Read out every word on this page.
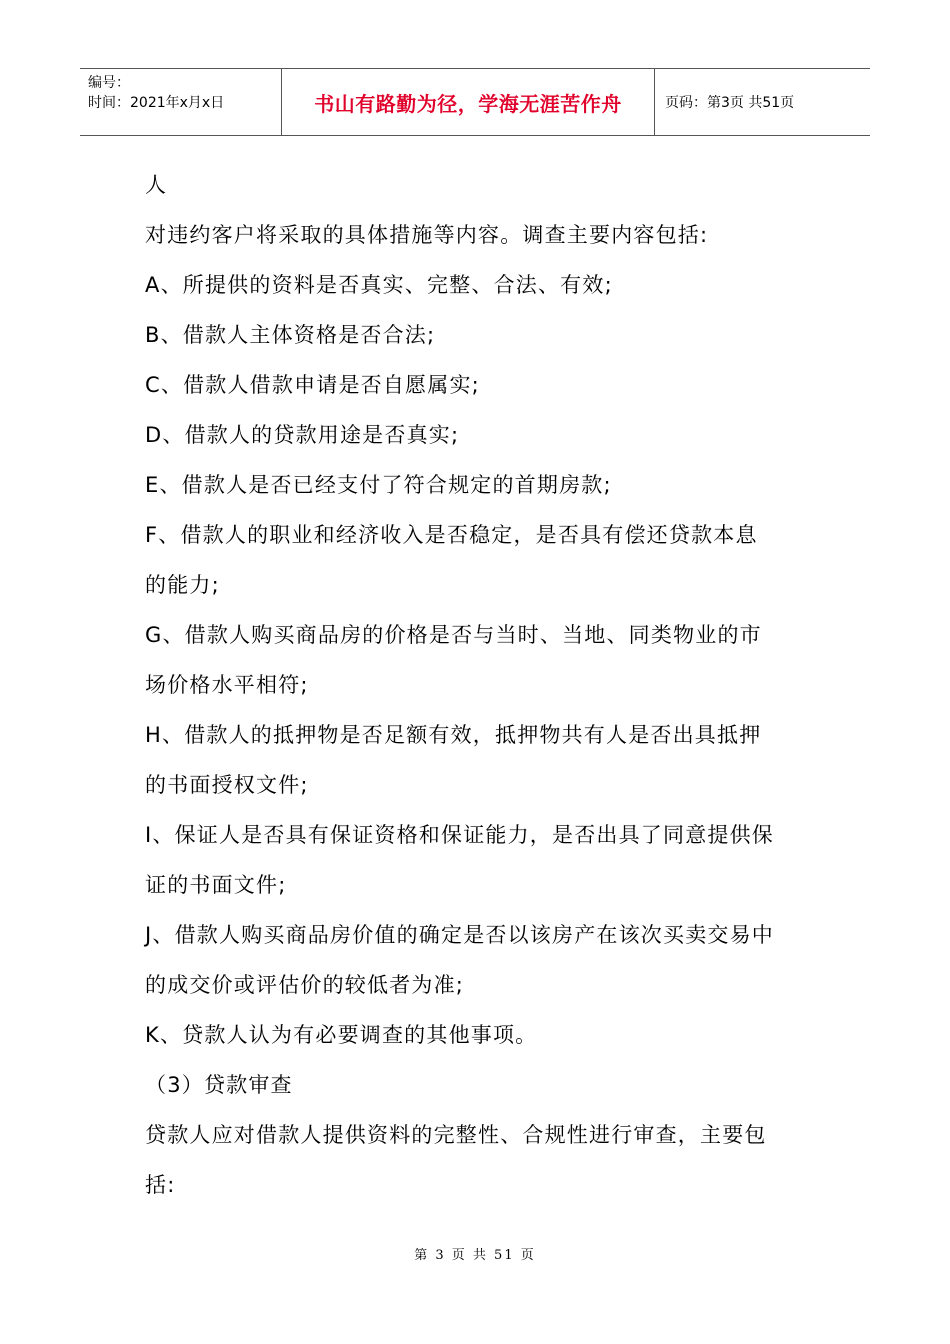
编号：
时间：2021年x月x日	书山有路勤为径，学海无涯苦作舟	页码：第3页 共51页

人

对违约客户将采取的具体措施等内容。调查主要内容包括:

A、所提供的资料是否真实、完整、合法、有效;

B、借款人主体资格是否合法;

C、借款人借款申请是否自愿属实;

D、借款人的贷款用途是否真实;

E、借款人是否已经支付了符合规定的首期房款;

F、借款人的职业和经济收入是否稳定，是否具有偿还贷款本息的能力;

G、借款人购买商品房的价格是否与当时、当地、同类物业的市场价格水平相符;

H、借款人的抵押物是否足额有效，抵押物共有人是否出具抵押的书面授权文件;

I、保证人是否具有保证资格和保证能力，是否出具了同意提供保证的书面文件;

J、借款人购买商品房价值的确定是否以该房产在该次买卖交易中的成交价或评估价的较低者为准;

K、贷款人认为有必要调查的其他事项。

（3）贷款审查

贷款人应对借款人提供资料的完整性、合规性进行审查，主要包括:

第 3 页 共 51 页
